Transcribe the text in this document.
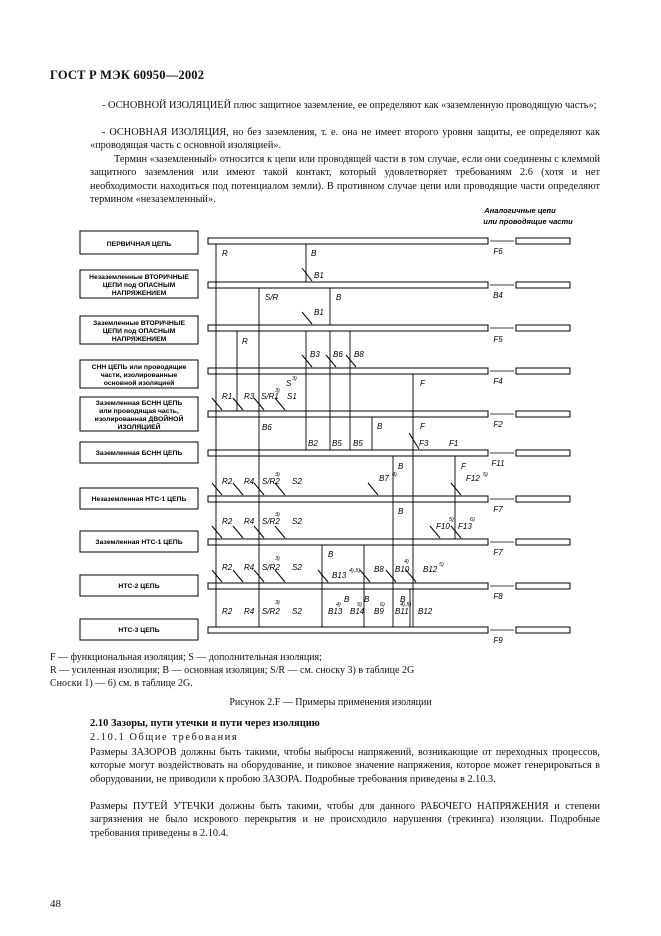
ГОСТ Р МЭК 60950—2002
- ОСНОВНОЙ ИЗОЛЯЦИЕЙ плюс защитное заземление, ее определяют как «заземленную проводящую часть»;
- ОСНОВНАЯ ИЗОЛЯЦИЯ, но без заземления, т. е. она не имеет второго уровня защиты, ее определяют как «проводящая часть с основной изоляцией».
Термин «заземленный» относится к цепи или проводящей части в том случае, если они соединены с клеммой защитного заземления или имеют такой контакт, который удовлетворяет требованиям 2.6 (хотя и нет необходимости находиться под потенциалом земли). В противном случае цепи или проводящие части определяют термином «незаземленный».
Аналогичные цепи
или проводящие части
ПЕРВИЧНАЯ ЦЕПЬ
Незаземленные ВТОРИЧНЫЕ
ЦЕПИ под ОПАСНЫМ
НАПРЯЖЕНИЕМ
Заземленные ВТОРИЧНЫЕ
ЦЕПИ под ОПАСНЫМ
НАПРЯЖЕНИЕМ
СНН ЦЕПЬ или проводящие
части, изолированные
основной изоляцией
Заземленная БСНН ЦЕПЬ
или проводящая часть,
изолированная ДВОЙНОЙ
ИЗОЛЯЦИЕЙ
Заземленная БСНН ЦЕПЬ
Незаземленная НТС-1 ЦЕПЬ
Заземленная НТС-1 ЦЕПЬ
НТС-2 ЦЕПЬ
НТС-3 ЦЕПЬ
F6
B4
F5
F4
F2
F11
F7
F7
F8
F9
R	B
B1
S/R	B
B1
R
B3 B6 B8
S	F
R1 R3 S/R1 S1
B6	B	F
B2 B5 B5	F3	F1
B	F
R2 R4 S/R2 S2	B7	F12
B
R2 R4 S/R2 S2
F10 F13
B
R2 R4 S/R2 S2
B13
B8 B10 B12
B B	B
R2 R4 S/R2 S2	B13 B14 B9 B11 B12
3)
3)
3)	4)	5)
3)
5)	6)
3)
4),5)
4)	5)
3)	4)	5)	6)	4),5)
F — функциональная изоляция; S — дополнительная изоляция;
R — усиленная изоляция; B — основная изоляция; S/R — см. сноску 3) в таблице 2G
Сноски 1) — 6) см. в таблице 2G.
Рисунок 2.F — Примеры применения изоляции
2.10 Зазоры, пути утечки и пути через изоляцию
2.10.1 Общие требования
Размеры ЗАЗОРОВ должны быть такими, чтобы выбросы напряжений, возникающие от переходных процессов, которые могут воздействовать на оборудование, и пиковое значение напряжения, которое может генерироваться в оборудовании, не приводили к пробою ЗАЗОРА. Подробные требования приведены в 2.10.3.
Размеры ПУТЕЙ УТЕЧКИ должны быть такими, чтобы для данного РАБОЧЕГО НАПРЯЖЕНИЯ и степени загрязнения не было искрового перекрытия и не происходило нарушения (трекинга) изоляции. Подробные требования приведены в 2.10.4.
48
